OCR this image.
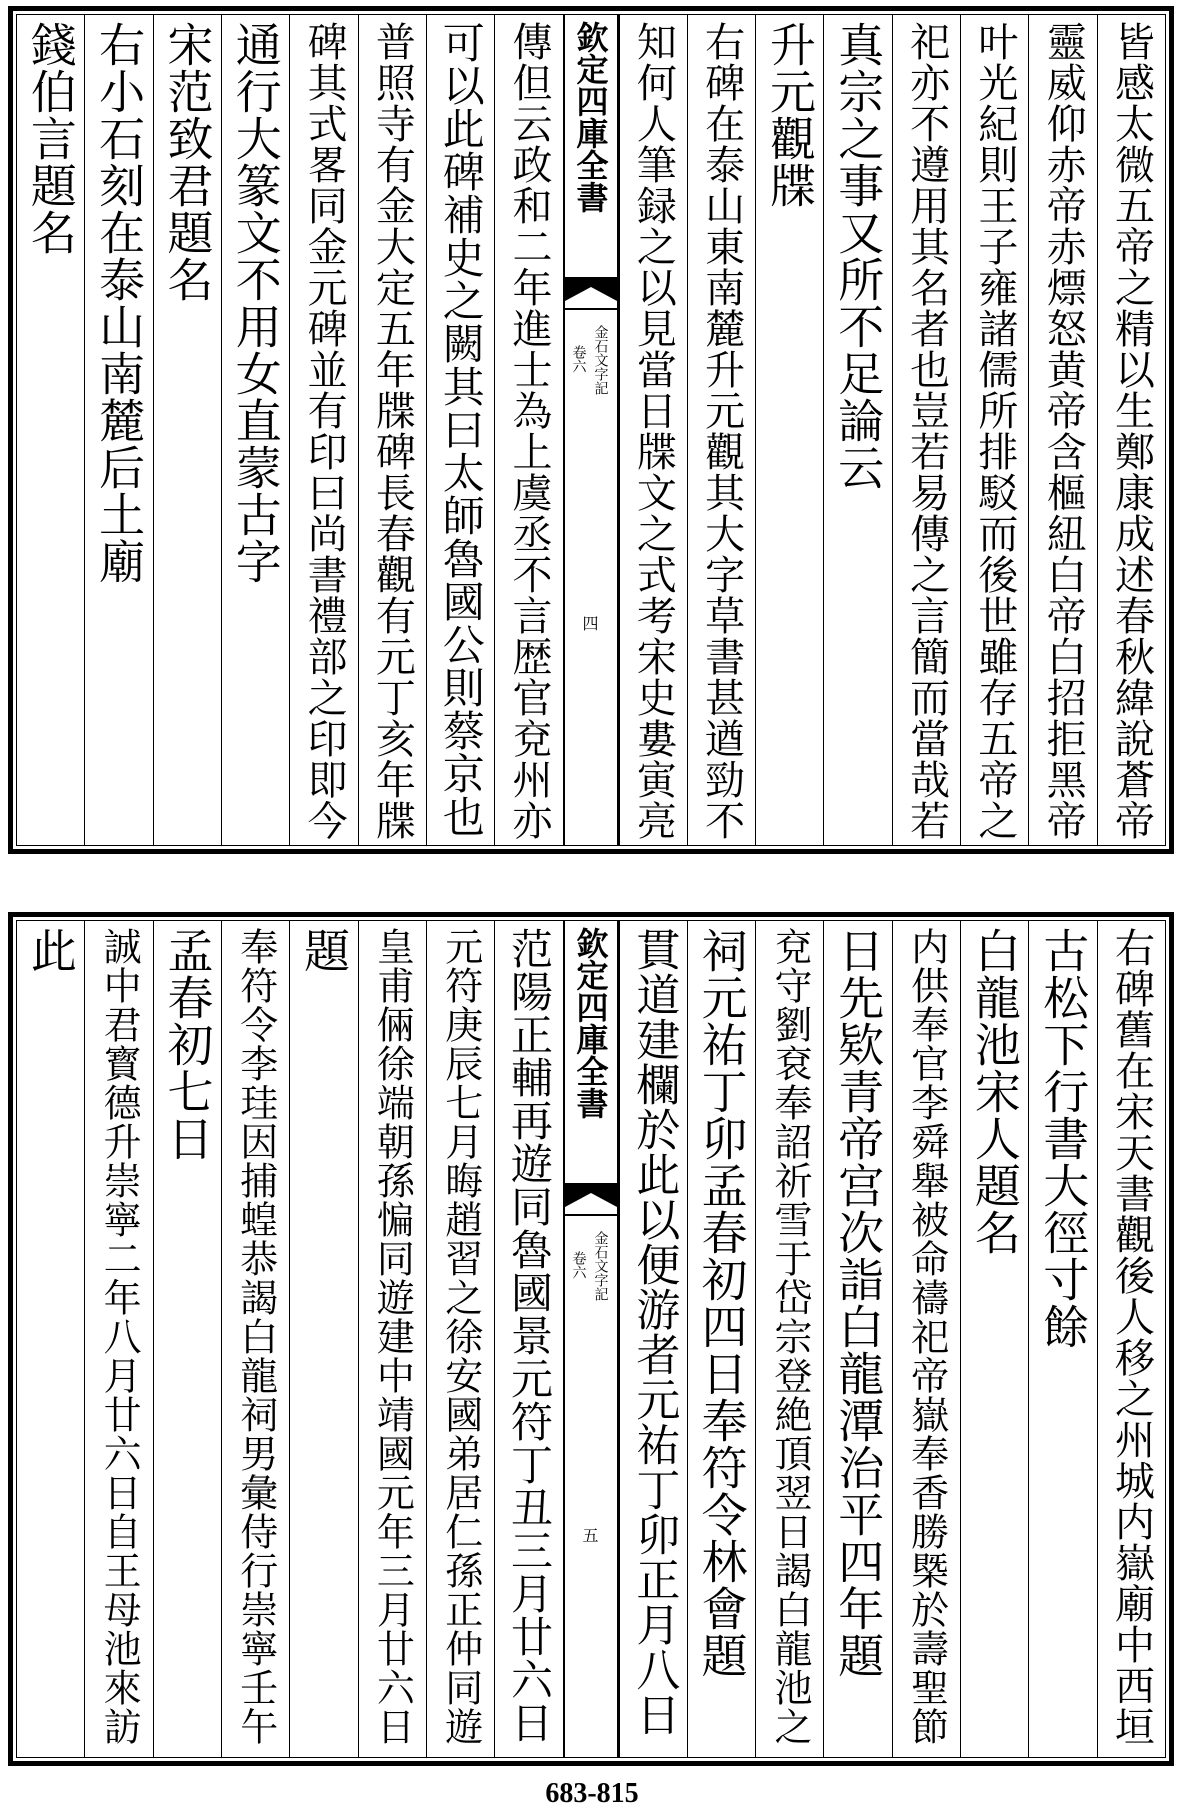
皆感太微五帝之精以生鄭康成述春秋緯說蒼帝
靈威仰赤帝赤熛怒黄帝含樞紐白帝白招拒黑帝
叶光紀則王子雍諸儒所排駁而後世雖存五帝之
祀亦不遵用其名者也豈若易傳之言簡而當哉若
真宗之事又所不足論云
升元觀牒
右碑在泰山東南麓升元觀其大字草書甚遒勁不
知何人筆録之以見當日牒文之式考宋史婁寅亮
欽定四庫全書
金石文字記
卷六
四
傳但云政和二年進士為上虞丞不言歴官兗州亦
可以此碑補史之闕其曰太師魯國公則蔡京也
普照寺有金大定五年牒碑長春觀有元丁亥年牒
碑其式畧同金元碑並有印曰尚書禮部之印即今
通行大篆文不用女直蒙古字
宋范致君題名
右小石刻在泰山南麓后土廟
錢伯言題名
右碑舊在宋天書觀後人移之州城内嶽廟中西垣
古松下行書大徑寸餘
白龍池宋人題名
内供奉官李舜舉被命禱祀帝嶽奉香勝槩於壽聖節
日先欵青帝宫次詣白龍潭治平四年題
兗守劉袞奉詔祈雪于岱宗登絶頂翌日謁白龍池之
祠元祐丁卯孟春初四日奉符令林會題
貫道建欄於此以便游者元祐丁卯正月八日
欽定四庫全書
金石文字記
卷六
五
范陽正輔再遊同魯國景元符丁丑三月廿六日
元符庚辰七月晦趙習之徐安國弟居仁孫正仲同遊
皇甫倆徐端朝孫惼同遊建中靖國元年三月廿六日
題
奉符令李珪因捕蝗恭謁白龍祠男彙侍行崇寧壬午
孟春初七日
誠中君寳德升崇寧二年八月廿六日自王母池來訪
此
683-815
